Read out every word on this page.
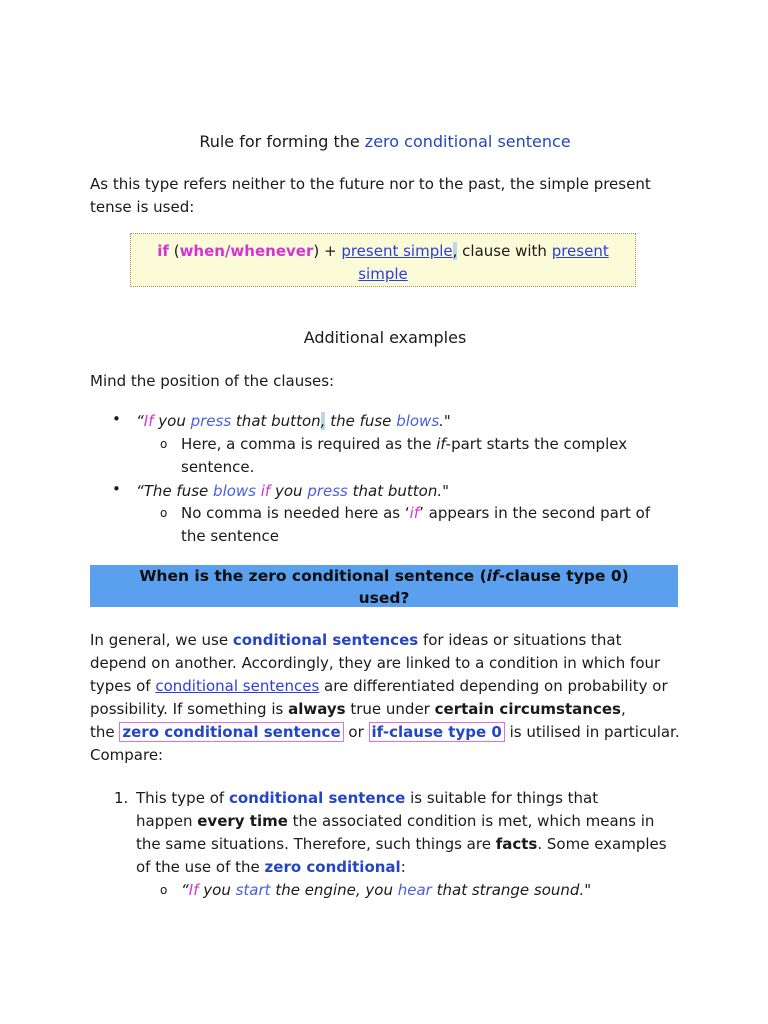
Rule for forming the zero conditional sentence
As this type refers neither to the future nor to the past, the simple present tense is used:
if (when/whenever) + present simple, clause with present simple
Additional examples
Mind the position of the clauses:
• “If you press that button, the fuse blows."
o Here, a comma is required as the if-part starts the complex
sentence.
• “The fuse blows if you press that button."
o No comma is needed here as ‘if’ appears in the second part of
the sentence
When is the zero conditional sentence (if-clause type 0)
used?
In general, we use conditional sentences for ideas or situations that
depend on another. Accordingly, they are linked to a condition in which four
types of conditional sentences are differentiated depending on probability or
possibility. If something is always true under certain circumstances,
the zero conditional sentence or if-clause type 0 is utilised in particular.
Compare:
1. This type of conditional sentence is suitable for things that
happen every time the associated condition is met, which means in
the same situations. Therefore, such things are facts. Some examples
of the use of the zero conditional:
o “If you start the engine, you hear that strange sound."
